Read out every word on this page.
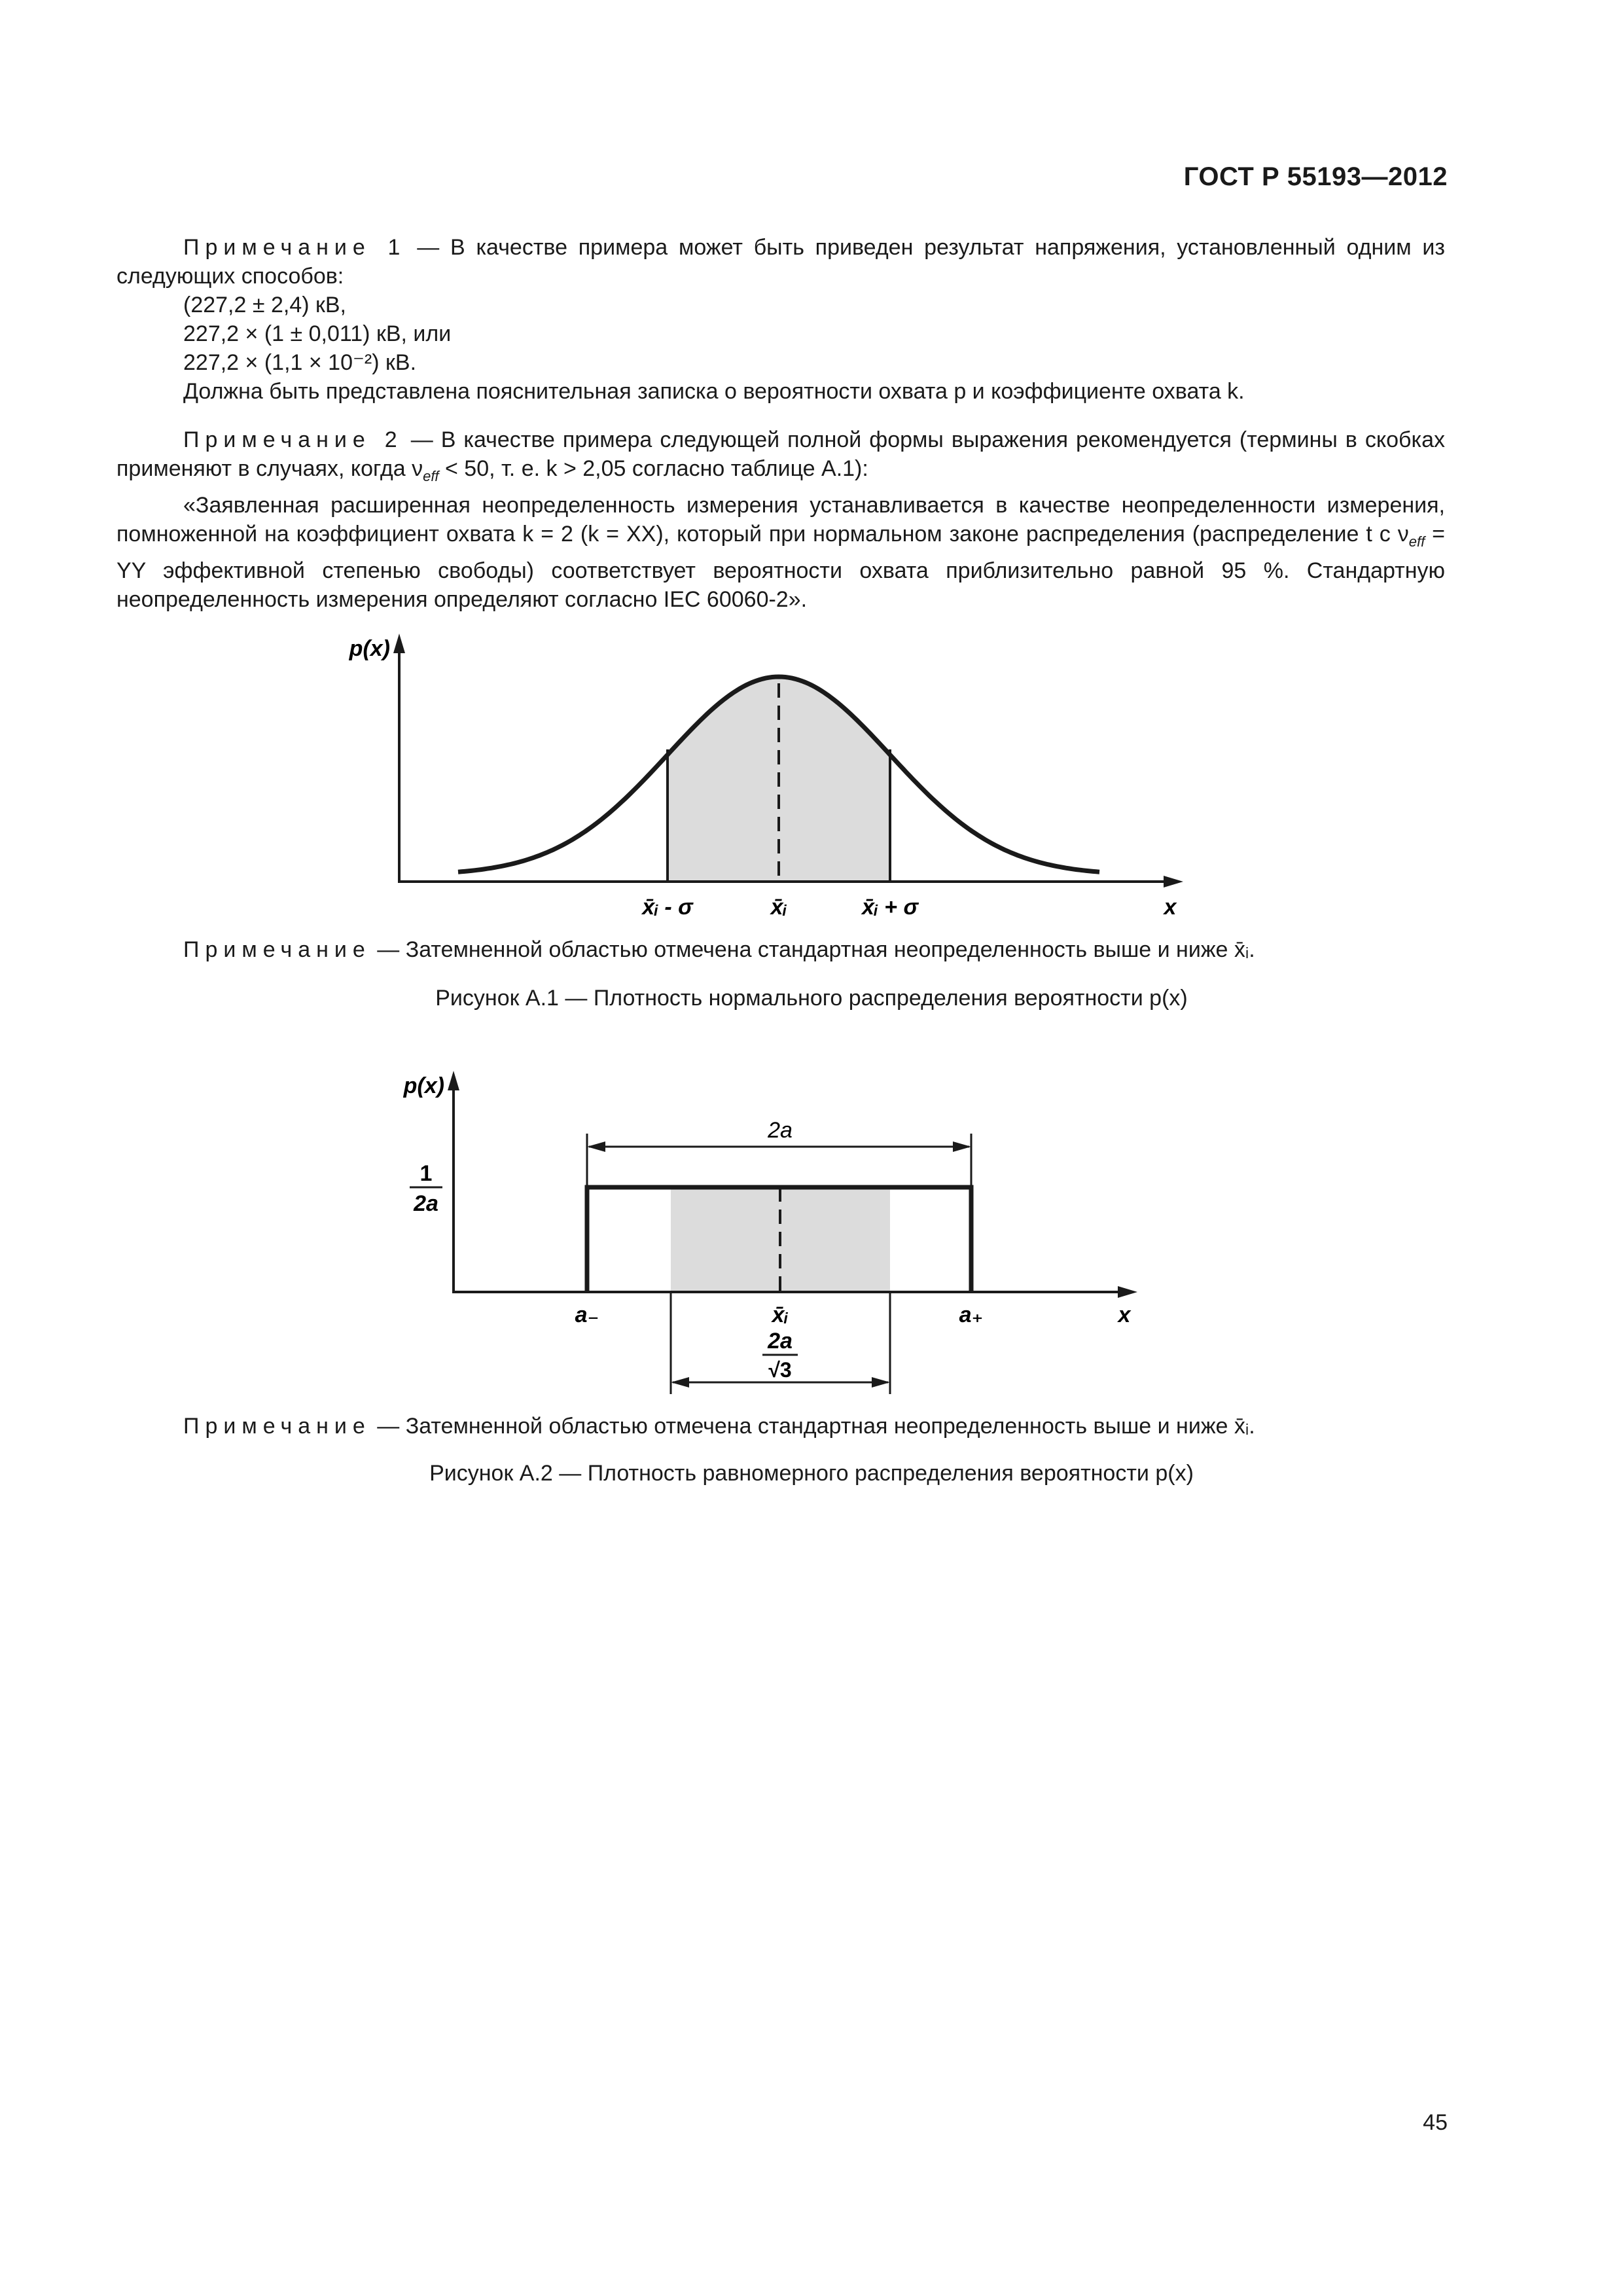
ГОСТ Р 55193—2012

Примечание 1 — В качестве примера может быть приведен результат напряжения, установленный одним из следующих способов:

(227,2 ± 2,4) кВ,

227,2 × (1 ± 0,011) кВ, или

227,2 × (1,1 × 10⁻²) кВ.

Должна быть представлена пояснительная записка о вероятности охвата p и коэффициенте охвата k.

Примечание 2 — В качестве примера следующей полной формы выражения рекомендуется (термины в скобках применяют в случаях, когда $\nu_{eff} < 50$, т. е. k > 2,05 согласно таблице А.1):

«Заявленная расширенная неопределенность измерения устанавливается в качестве неопределенности измерения, помноженной на коэффициент охвата k = 2 (k = XX), который при нормальном законе распределения (распределение t с $\nu_{eff}$ = YY эффективной степенью свободы) соответствует вероятности охвата приблизительно равной 95 %. Стандартную неопределенность измерения определяют согласно IEC 60060-2».

p(x)
x
x̄ᵢ - σ	x̄ᵢ	x̄ᵢ + σ
Примечание — Затемненной областью отмечена стандартная неопределенность выше и ниже x̄ᵢ.
Рисунок А.1 — Плотность нормального распределения вероятности p(x)
2a
1
2a
p(x)
x
a₋	x̄ᵢ	a₊
2a
√3
Примечание — Затемненной областью отмечена стандартная неопределенность выше и ниже x̄ᵢ.
Рисунок А.2 — Плотность равномерного распределения вероятности p(x)
45
